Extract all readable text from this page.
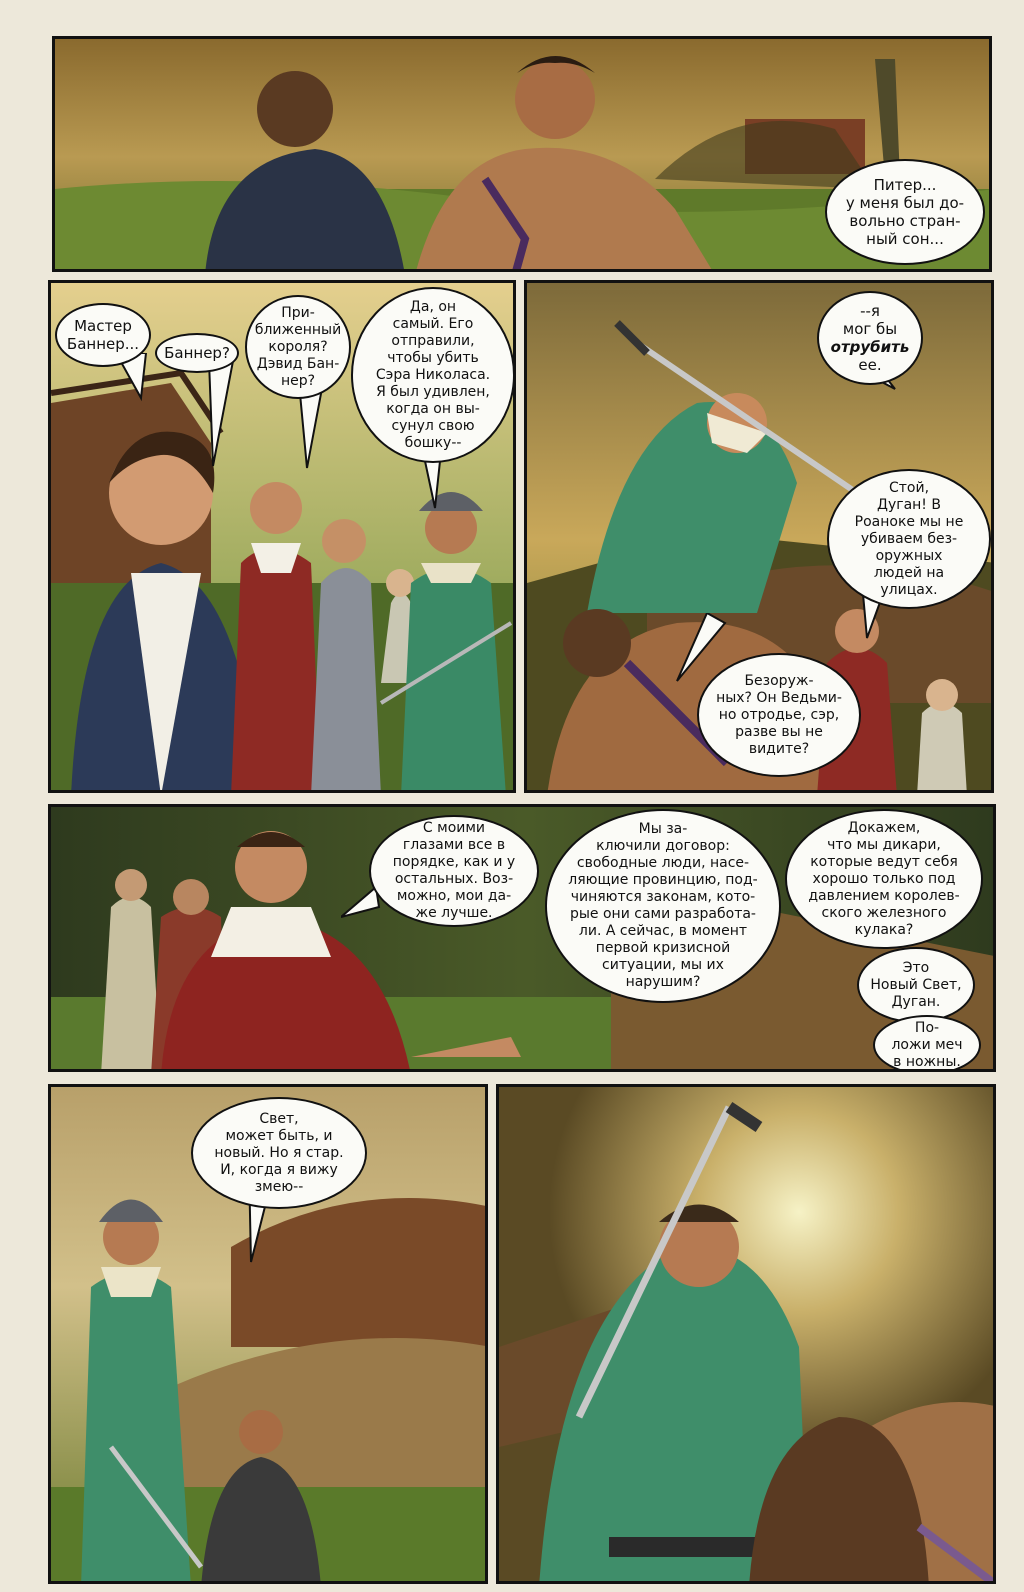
Питер...
у меня был до-
вольно стран-
ный сон...
Мастер
Баннер... Баннер?
При-
ближенный
короля?
Дэвид Бан-
нер?
Да, он
самый. Его
отправили,
чтобы убить
Сэра Николаса.
Я был удивлен,
когда он вы-
сунул свою
бошку--
--я
мог бы
отрубить
ее.
Стой,
Дуган! В
Роаноке мы не
убиваем без-
оружных
людей на
улицах.
Безоруж-
ных? Он Ведьми-
но отродье, сэр,
разве вы не
видите?
С моими
глазами все в
порядке, как и у
остальных. Воз-
можно, мои да-
же лучше.
Мы за-
ключили договор:
свободные люди, насе-
ляющие провинцию, под-
чиняются законам, кото-
рые они сами разработа-
ли. А сейчас, в момент
первой кризисной
ситуации, мы их
нарушим?
Докажем,
что мы дикари,
которые ведут себя
хорошо только под
давлением королев-
ского железного
кулака?
Это
Новый Свет,
Дуган.
По-
ложи меч
в ножны.
Свет,
может быть, и
новый. Но я стар.
И, когда я вижу
змею--
